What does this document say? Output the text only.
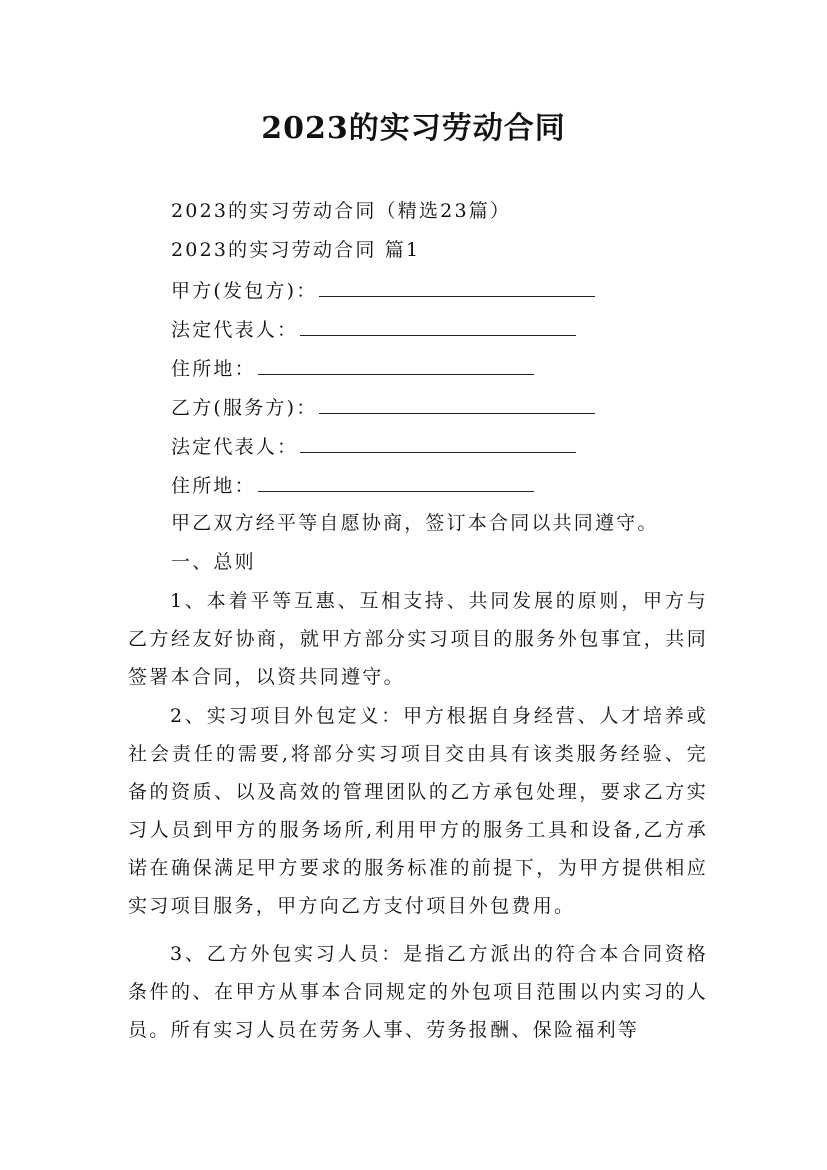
2023的实习劳动合同
2023的实习劳动合同（精选23篇）
2023的实习劳动合同 篇1
甲方(发包方)：
法定代表人：
住所地：
乙方(服务方)：
法定代表人：
住所地：
甲乙双方经平等自愿协商，签订本合同以共同遵守。
一、总则
1、本着平等互惠、互相支持、共同发展的原则，甲方与乙方经友好协商，就甲方部分实习项目的服务外包事宜，共同签署本合同，以资共同遵守。
2、实习项目外包定义：甲方根据自身经营、人才培养或社会责任的需要,将部分实习项目交由具有该类服务经验、完备的资质、以及高效的管理团队的乙方承包处理，要求乙方实习人员到甲方的服务场所,利用甲方的服务工具和设备,乙方承诺在确保满足甲方要求的服务标准的前提下，为甲方提供相应实习项目服务，甲方向乙方支付项目外包费用。
3、乙方外包实习人员：是指乙方派出的符合本合同资格条件的、在甲方从事本合同规定的外包项目范围以内实习的人员。所有实习人员在劳务人事、劳务报酬、保险福利等
